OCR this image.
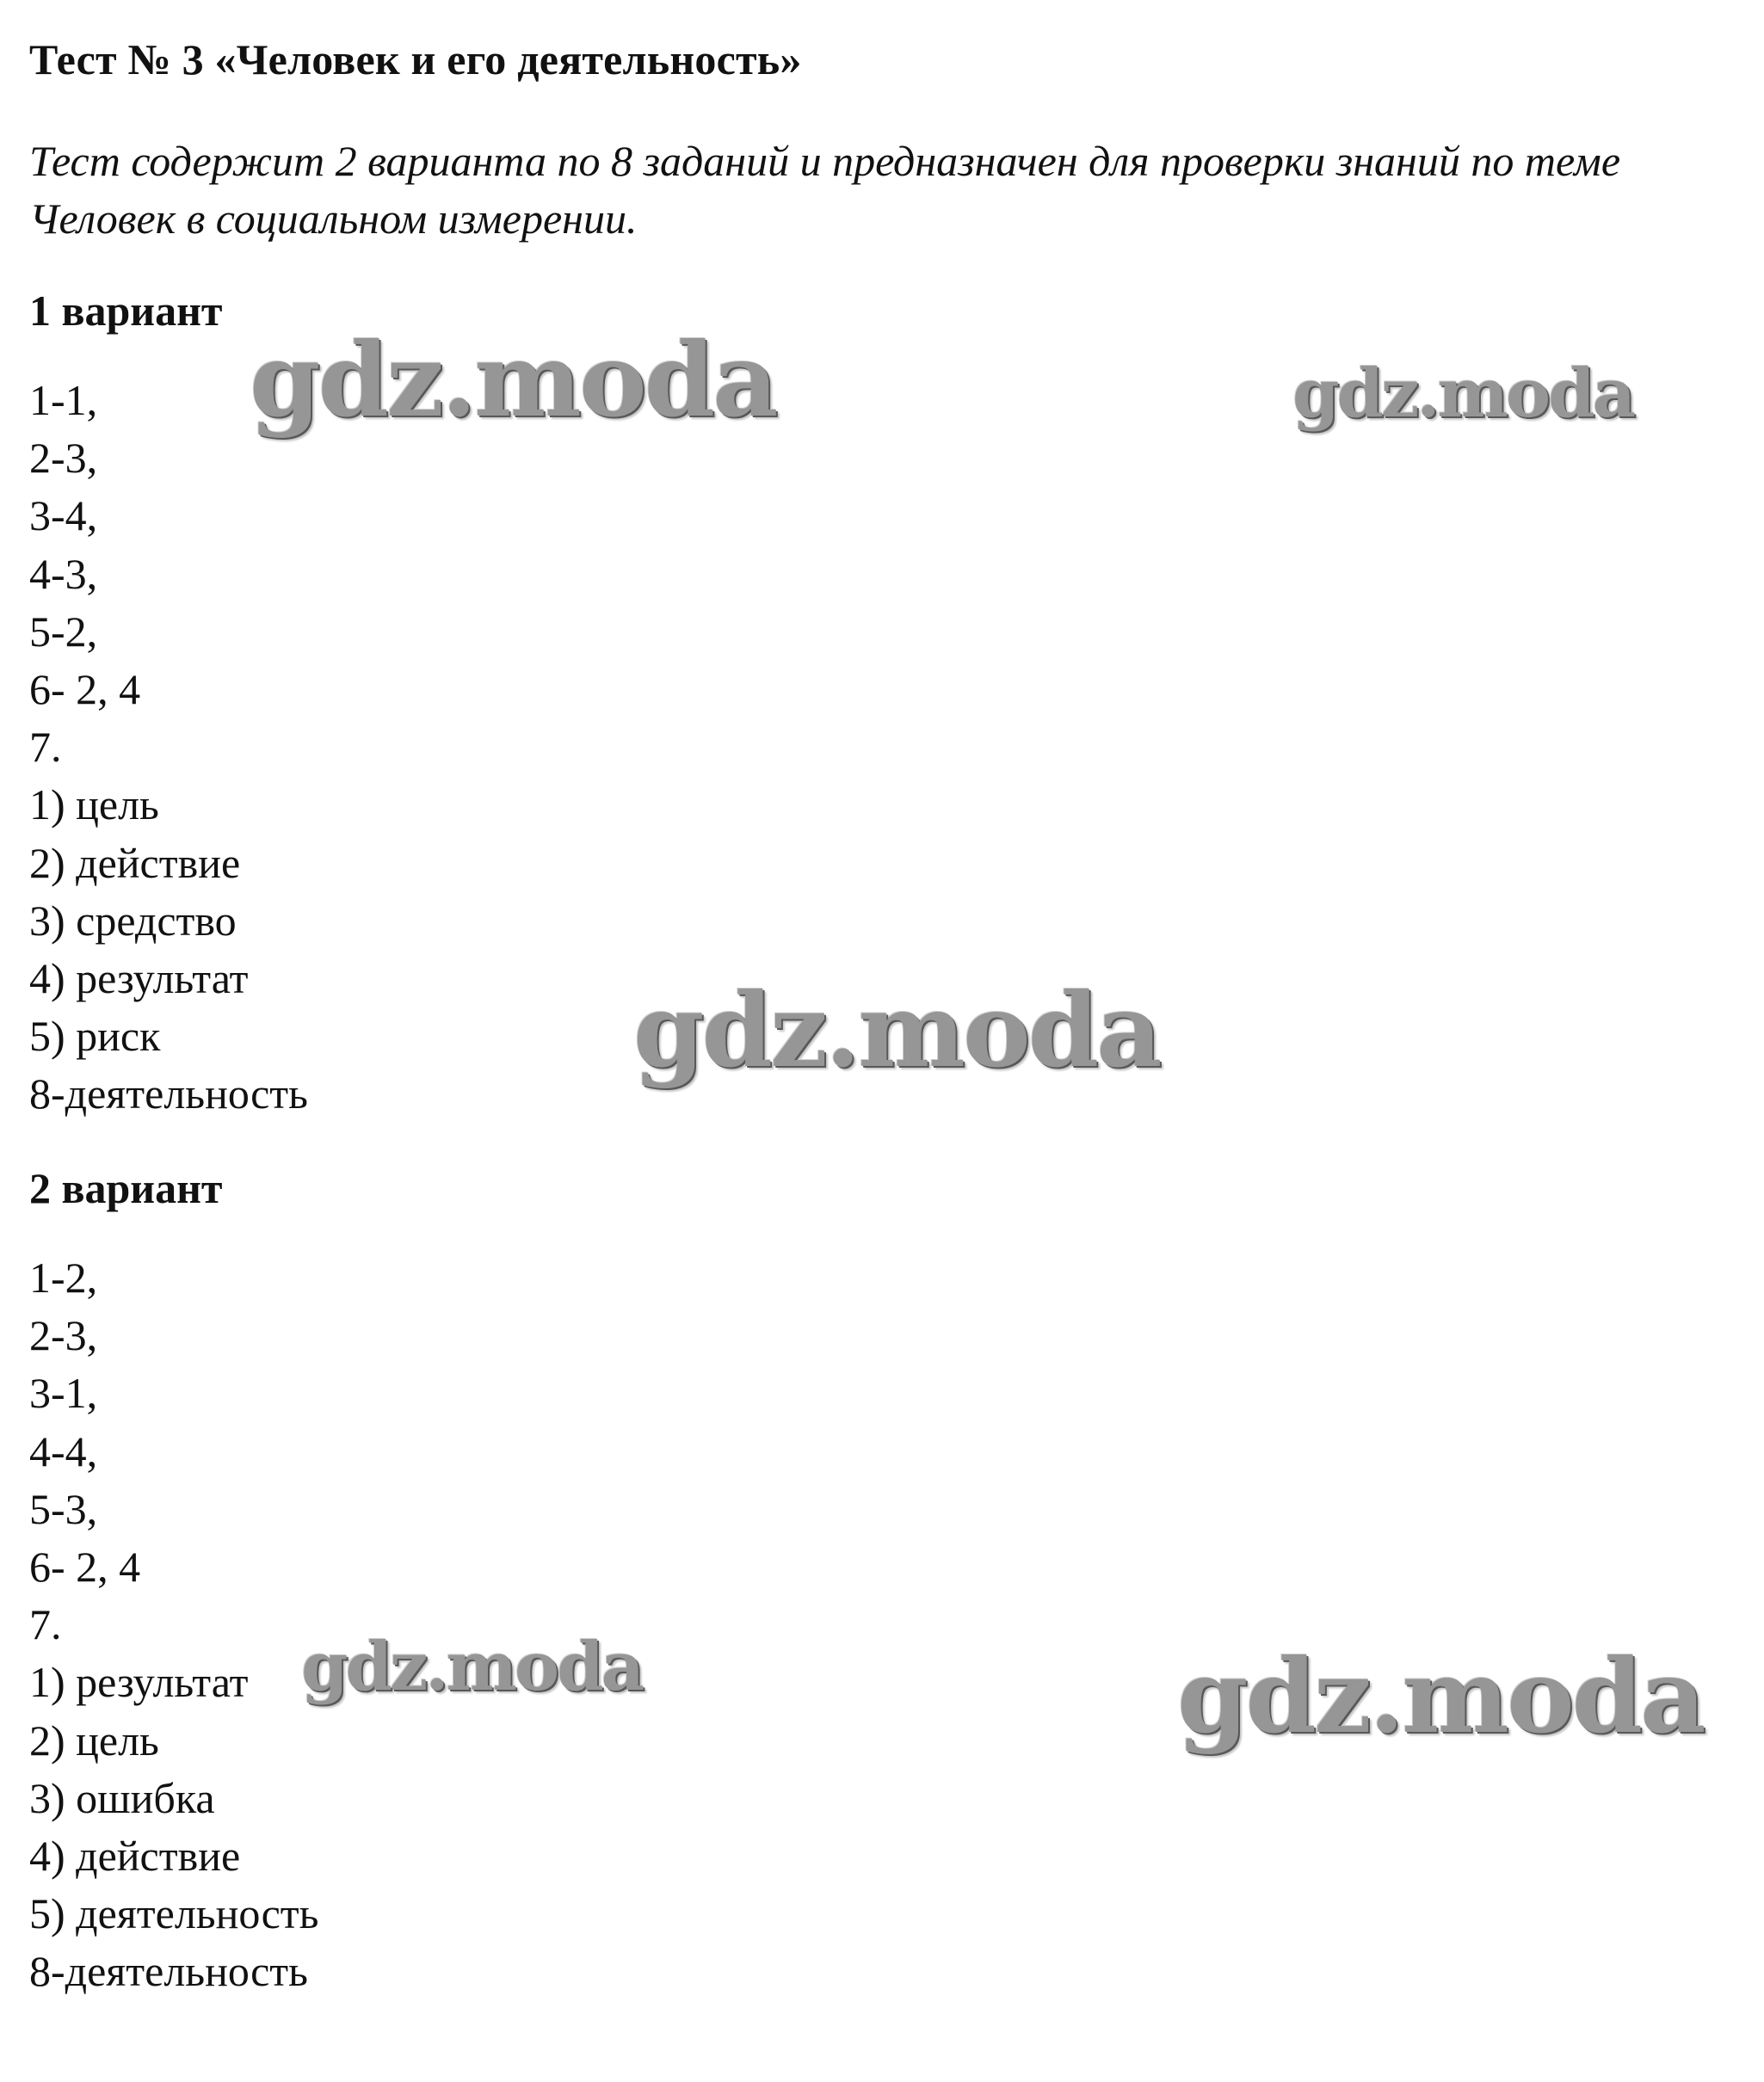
Тест № 3 «Человек и его деятельность»
Тест содержит 2 варианта по 8 заданий и предназначен для проверки знаний по теме Человек в социальном измерении.
1 вариант
1-1,
2-3,
3-4,
4-3,
5-2,
6- 2, 4
7.
1) цель
2) действие
3) средство
4) результат
5) риск
8-деятельность
2 вариант
1-2,
2-3,
3-1,
4-4,
5-3,
6- 2, 4
7.
1) результат
2) цель
3) ошибка
4) действие
5) деятельность
8-деятельность
gdz.moda	gdz.moda
gdz.moda
gdz.moda	gdz.moda
